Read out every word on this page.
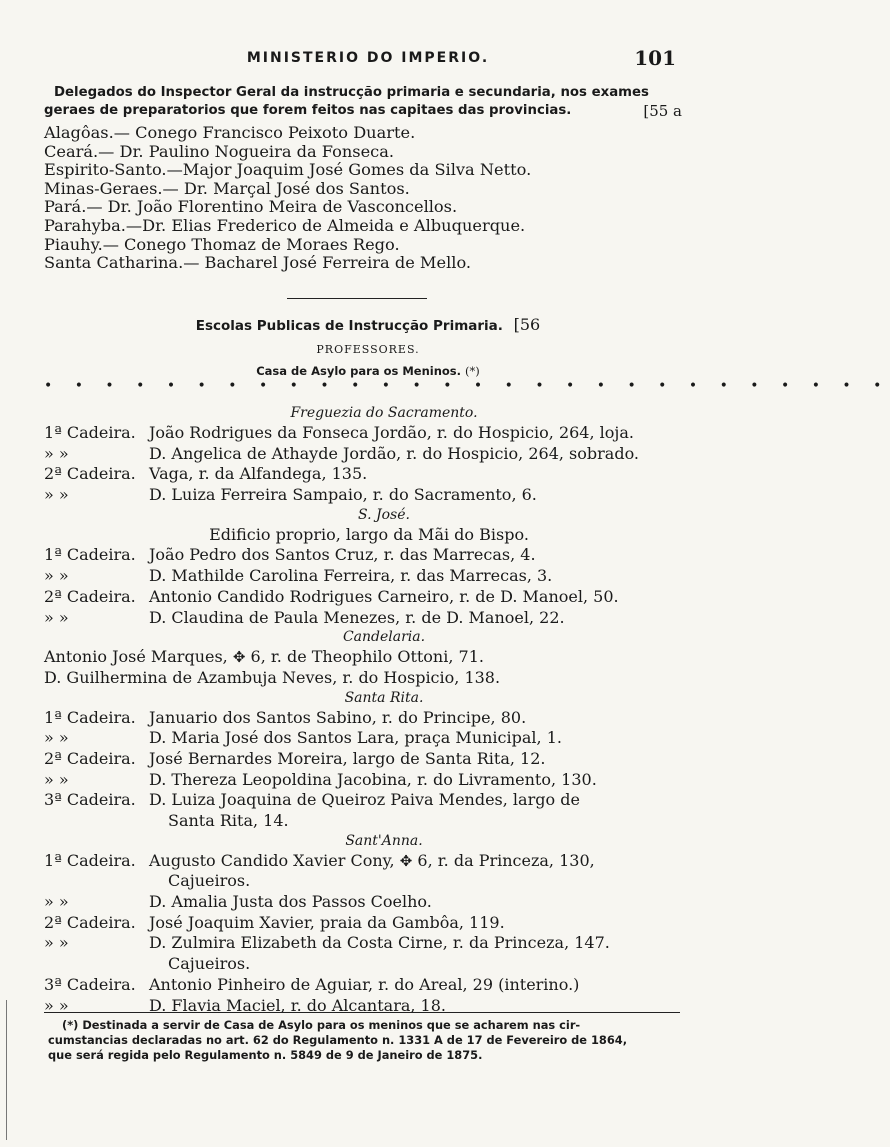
MINISTERIO DO IMPERIO.	101
Delegados do Inspector Geral da instrucção primaria e secundaria, nos exames
geraes de preparatorios que forem feitos nas capitaes das provincias.	[55 a
Alagôas.— Conego Francisco Peixoto Duarte.
Ceará.— Dr. Paulino Nogueira da Fonseca.
Espirito-Santo.—Major Joaquim José Gomes da Silva Netto.
Minas-Geraes.— Dr. Marçal José dos Santos.
Pará.— Dr. João Florentino Meira de Vasconcellos.
Parahyba.—Dr. Elias Frederico de Almeida e Albuquerque.
Piauhy.— Conego Thomaz de Moraes Rego.
Santa Catharina.— Bacharel José Ferreira de Mello.
Escolas Publicas de Instrucção Primaria. [56
PROFESSORES.
Casa de Asylo para os Meninos. (*)
• • • • • • • • • • • • • • • • • • • • • • • • • • • •
Freguezia do Sacramento.
1ª Cadeira. João Rodrigues da Fonseca Jordão, r. do Hospicio, 264, loja.
» »	D. Angelica de Athayde Jordão, r. do Hospicio, 264, sobrado.
2ª Cadeira. Vaga, r. da Alfandega, 135.
» »	D. Luiza Ferreira Sampaio, r. do Sacramento, 6.
S. José.
Edificio proprio, largo da Mãi do Bispo.
1ª Cadeira. João Pedro dos Santos Cruz, r. das Marrecas, 4.
» »	D. Mathilde Carolina Ferreira, r. das Marrecas, 3.
2ª Cadeira. Antonio Candido Rodrigues Carneiro, r. de D. Manoel, 50.
» »	D. Claudina de Paula Menezes, r. de D. Manoel, 22.
Candelaria.
Antonio José Marques, ✥ 6, r. de Theophilo Ottoni, 71.
D. Guilhermina de Azambuja Neves, r. do Hospicio, 138.
Santa Rita.
1ª Cadeira. Januario dos Santos Sabino, r. do Principe, 80.
» »	D. Maria José dos Santos Lara, praça Municipal, 1.
2ª Cadeira. José Bernardes Moreira, largo de Santa Rita, 12.
» »	D. Thereza Leopoldina Jacobina, r. do Livramento, 130.
3ª Cadeira. D. Luiza Joaquina de Queiroz Paiva Mendes, largo de
Santa Rita, 14.
Sant'Anna.
1ª Cadeira. Augusto Candido Xavier Cony, ✥ 6, r. da Princeza, 130,
Cajueiros.
» »	D. Amalia Justa dos Passos Coelho.
2ª Cadeira. José Joaquim Xavier, praia da Gambôa, 119.
» »	D. Zulmira Elizabeth da Costa Cirne, r. da Princeza, 147.
Cajueiros.
3ª Cadeira. Antonio Pinheiro de Aguiar, r. do Areal, 29 (interino.)
» »	D. Flavia Maciel, r. do Alcantara, 18.
(*) Destinada a servir de Casa de Asylo para os meninos que se acharem nas cir-
cumstancias declaradas no art. 62 do Regulamento n. 1331 A de 17 de Fevereiro de 1864,
que será regida pelo Regulamento n. 5849 de 9 de Janeiro de 1875.
